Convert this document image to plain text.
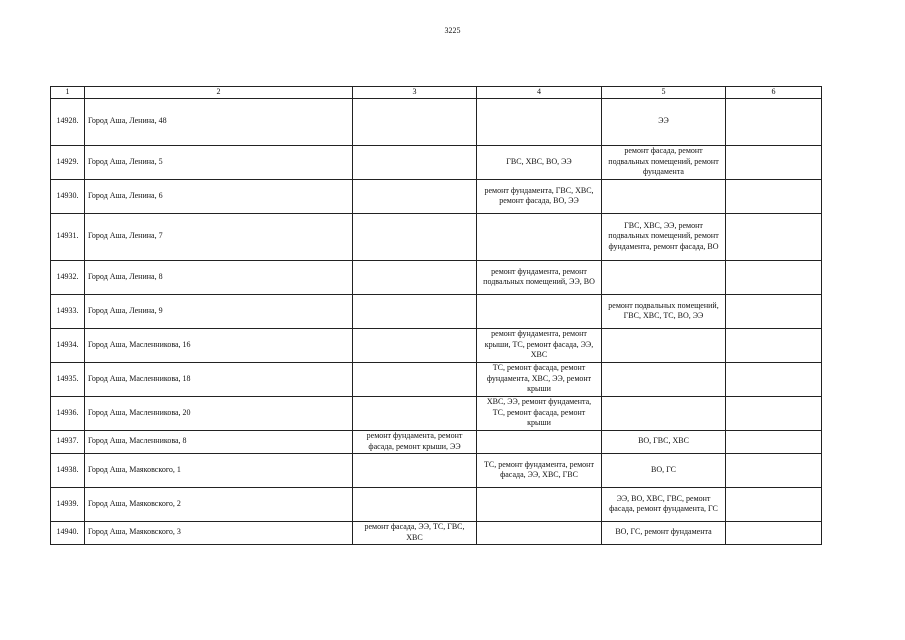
3225
1	2	3	4	5	6
14928.	Город Аша, Ленина, 48			ЭЭ	
14929.	Город Аша, Ленина, 5		ГВС, ХВС, ВО, ЭЭ	ремонт фасада, ремонт подвальных помещений, ремонт фундамента	
14930.	Город Аша, Ленина, 6		ремонт фундамента, ГВС, ХВС, ремонт фасада, ВО, ЭЭ		
14931.	Город Аша, Ленина, 7			ГВС, ХВС, ЭЭ, ремонт подвальных помещений, ремонт фундамента, ремонт фасада, ВО	
14932.	Город Аша, Ленина, 8		ремонт фундамента, ремонт подвальных помещений, ЭЭ, ВО		
14933.	Город Аша, Ленина, 9			ремонт подвальных помещений, ГВС, ХВС, ТС, ВО, ЭЭ	
14934.	Город Аша, Масленникова, 16		ремонт фундамента, ремонт крыши, ТС, ремонт фасада, ЭЭ, ХВС		
14935.	Город Аша, Масленникова, 18		ТС, ремонт фасада, ремонт фундамента, ХВС, ЭЭ, ремонт крыши		
14936.	Город Аша, Масленникова, 20		ХВС, ЭЭ, ремонт фундамента, ТС, ремонт фасада, ремонт крыши		
14937.	Город Аша, Масленникова, 8	ремонт фундамента, ремонт фасада, ремонт крыши, ЭЭ		ВО, ГВС, ХВС	
14938.	Город Аша, Маяковского, 1		ТС, ремонт фундамента, ремонт фасада, ЭЭ, ХВС, ГВС	ВО, ГС	
14939.	Город Аша, Маяковского, 2			ЭЭ, ВО, ХВС, ГВС, ремонт фасада, ремонт фундамента, ГС	
14940.	Город Аша, Маяковского, 3	ремонт фасада, ЭЭ, ТС, ГВС, ХВС		ВО, ГС, ремонт фундамента	
